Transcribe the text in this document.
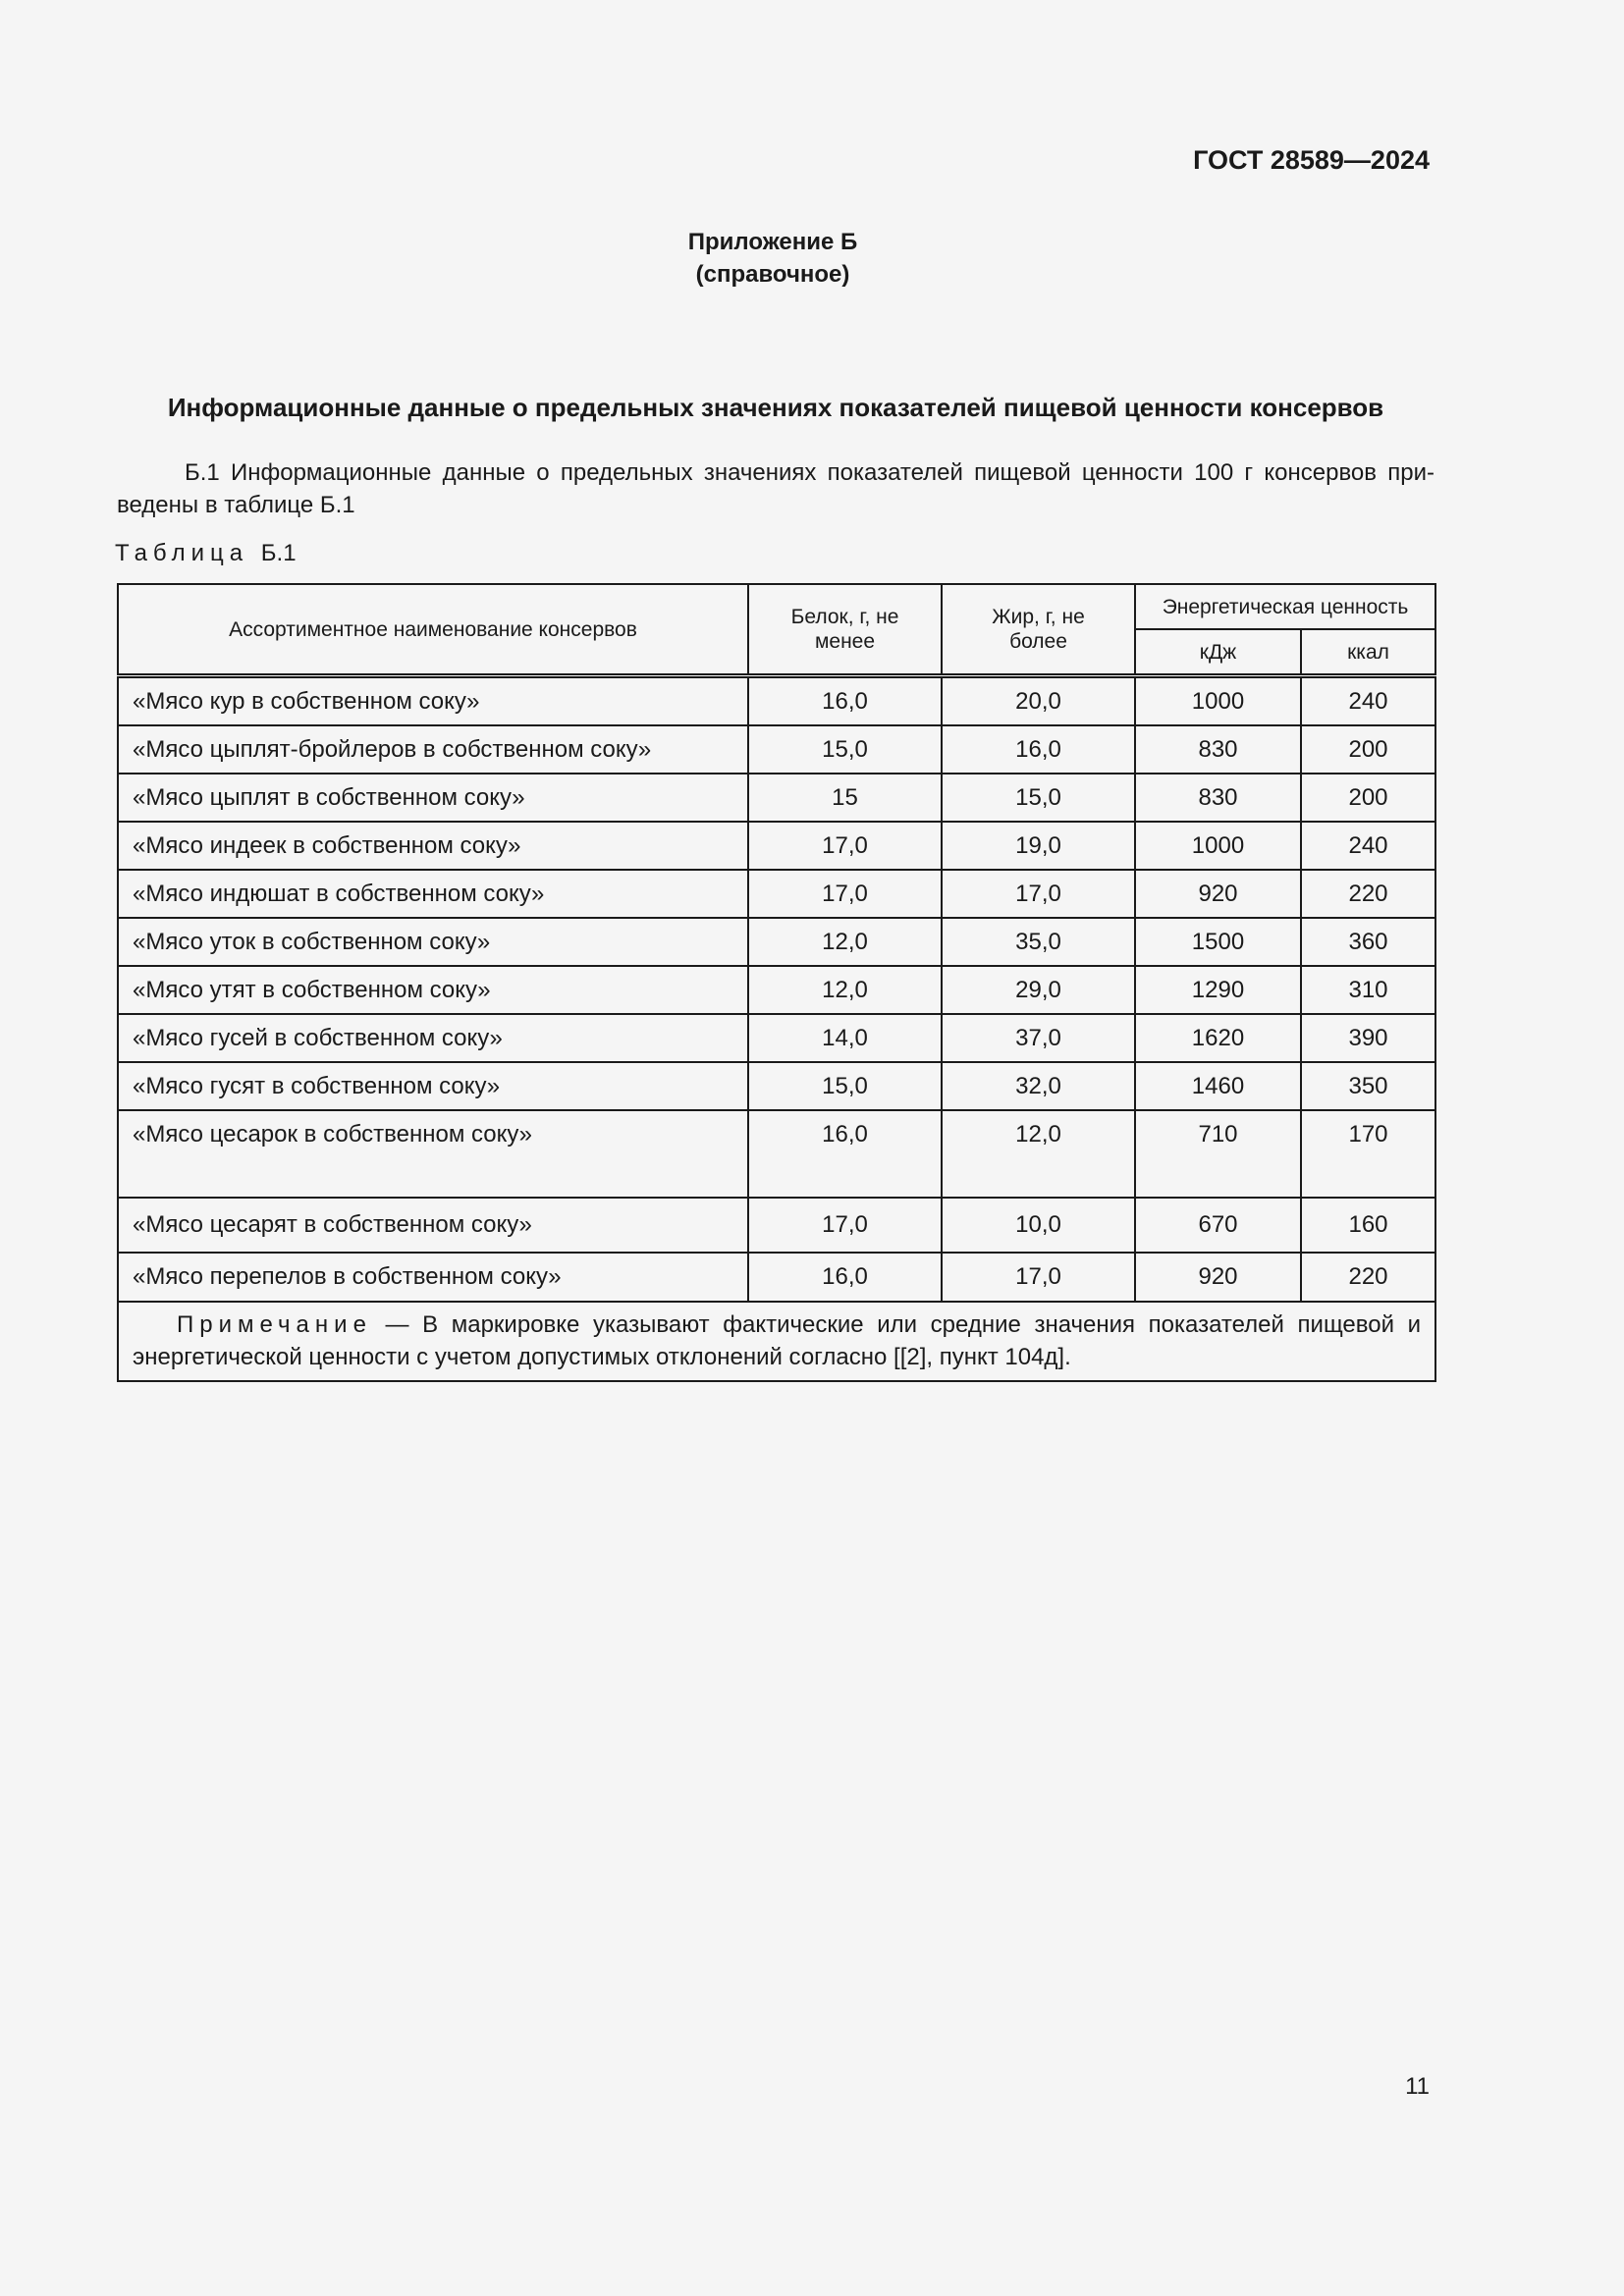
ГОСТ 28589—2024
Приложение Б
(справочное)
Информационные данные о предельных значениях показателей пищевой ценности консервов
Б.1 Информационные данные о предельных значениях показателей пищевой ценности 100 г консервов приведены в таблице Б.1
Таблица Б.1
Ассортиментное наименование консервов	Белок, г, не менее	Жир, г, не более	Энергетическая ценность	
			кДж	ккал
«Мясо кур в собственном соку»	16,0	20,0	1000	240
«Мясо цыплят-бройлеров в собственном соку»	15,0	16,0	830	200
«Мясо цыплят в собственном соку»	15	15,0	830	200
«Мясо индеек в собственном соку»	17,0	19,0	1000	240
«Мясо индюшат в собственном соку»	17,0	17,0	920	220
«Мясо уток в собственном соку»	12,0	35,0	1500	360
«Мясо утят в собственном соку»	12,0	29,0	1290	310
«Мясо гусей в собственном соку»	14,0	37,0	1620	390
«Мясо гусят в собственном соку»	15,0	32,0	1460	350
«Мясо цесарок в собственном соку»	16,0	12,0	710	170
«Мясо цесарят в собственном соку»	17,0	10,0	670	160
«Мясо перепелов в собственном соку»	16,0	17,0	920	220
Примечание — В маркировке указывают фактические или средние значения показателей пищевой и энергетической ценности с учетом допустимых отклонений согласно [[2], пункт 104д].				
11
